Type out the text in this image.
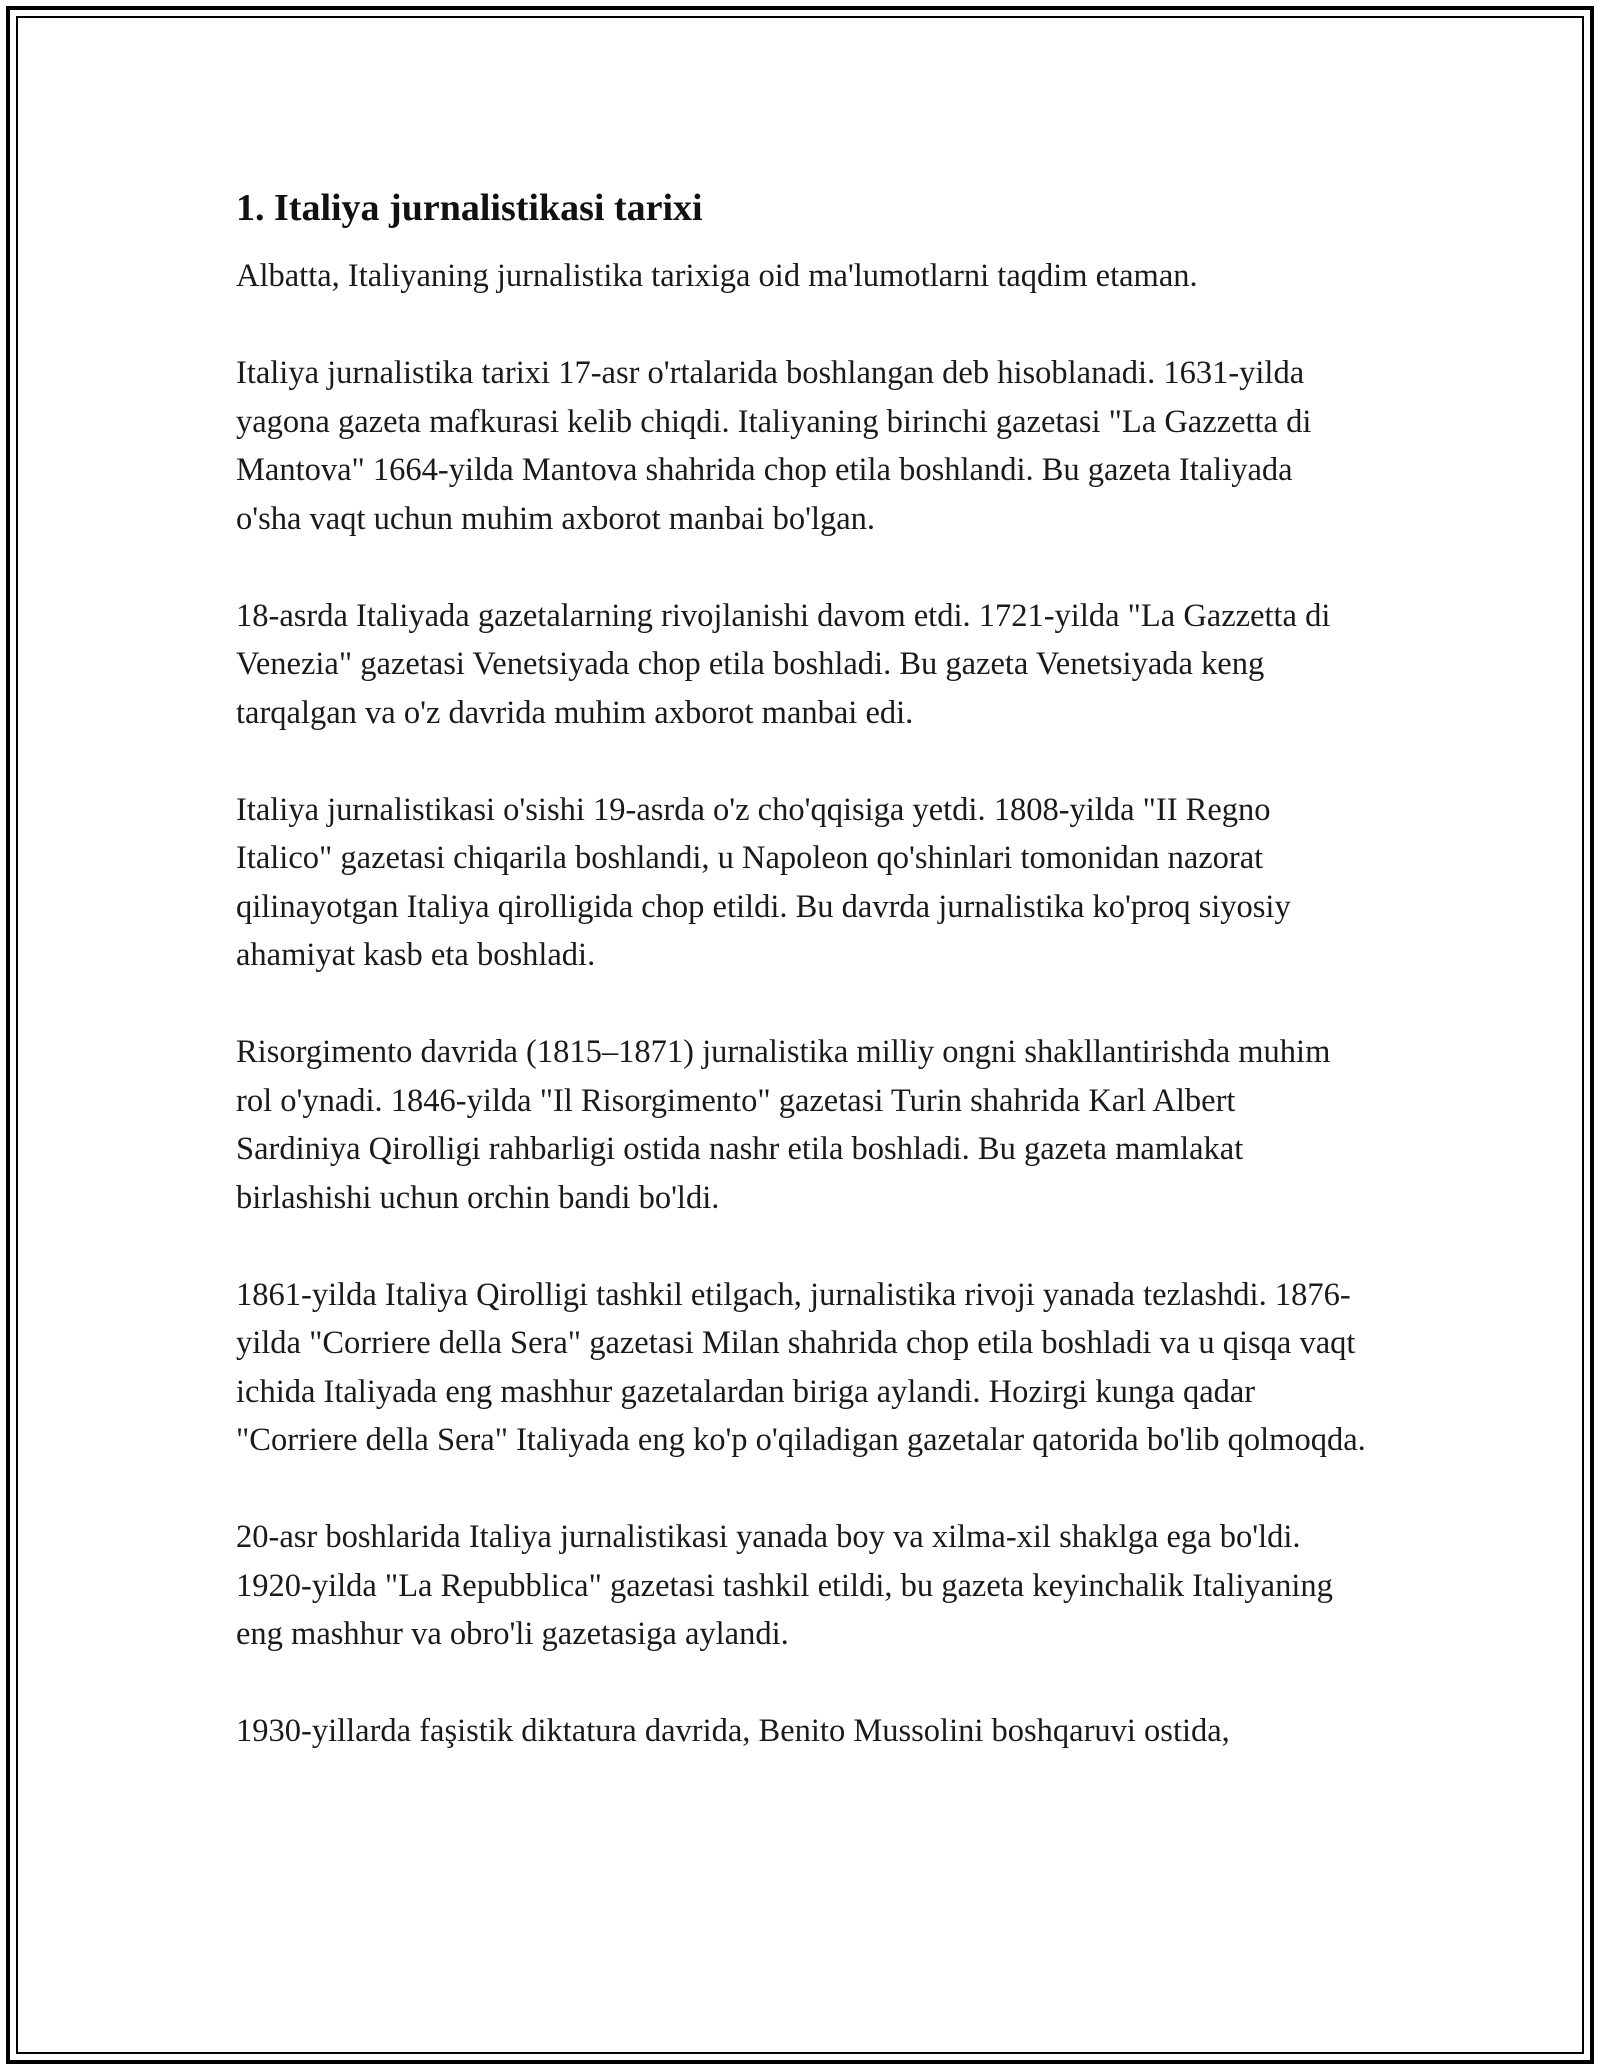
1. Italiya jurnalistikasi tarixi

Albatta, Italiyaning jurnalistika tarixiga oid ma'lumotlarni taqdim etaman.

Italiya jurnalistika tarixi 17-asr o'rtalarida boshlangan deb hisoblanadi. 1631-yilda yagona gazeta mafkurasi kelib chiqdi. Italiyaning birinchi gazetasi "La Gazzetta di Mantova" 1664-yilda Mantova shahrida chop etila boshlandi. Bu gazeta Italiyada o'sha vaqt uchun muhim axborot manbai bo'lgan.

18-asrda Italiyada gazetalarning rivojlanishi davom etdi. 1721-yilda "La Gazzetta di Venezia" gazetasi Venetsiyada chop etila boshladi. Bu gazeta Venetsiyada keng tarqalgan va o'z davrida muhim axborot manbai edi.

Italiya jurnalistikasi o'sishi 19-asrda o'z cho'qqisiga yetdi. 1808-yilda "II Regno Italico" gazetasi chiqarila boshlandi, u Napoleon qo'shinlari tomonidan nazorat qilinayotgan Italiya qirolligida chop etildi. Bu davrda jurnalistika ko'proq siyosiy ahamiyat kasb eta boshladi.

Risorgimento davrida (1815–1871) jurnalistika milliy ongni shakllantirishda muhim rol o'ynadi. 1846-yilda "Il Risorgimento" gazetasi Turin shahrida Karl Albert Sardiniya Qirolligi rahbarligi ostida nashr etila boshladi. Bu gazeta mamlakat birlashishi uchun orchin bandi bo'ldi.

1861-yilda Italiya Qirolligi tashkil etilgach, jurnalistika rivoji yanada tezlashdi. 1876-yilda "Corriere della Sera" gazetasi Milan shahrida chop etila boshladi va u qisqa vaqt ichida Italiyada eng mashhur gazetalardan biriga aylandi. Hozirgi kunga qadar "Corriere della Sera" Italiyada eng ko'p o'qiladigan gazetalar qatorida bo'lib qolmoqda.

20-asr boshlarida Italiya jurnalistikasi yanada boy va xilma-xil shaklga ega bo'ldi. 1920-yilda "La Repubblica" gazetasi tashkil etildi, bu gazeta keyinchalik Italiyaning eng mashhur va obro'li gazetasiga aylandi.

1930-yillarda faşistik diktatura davrida, Benito Mussolini boshqaruvi ostida,
